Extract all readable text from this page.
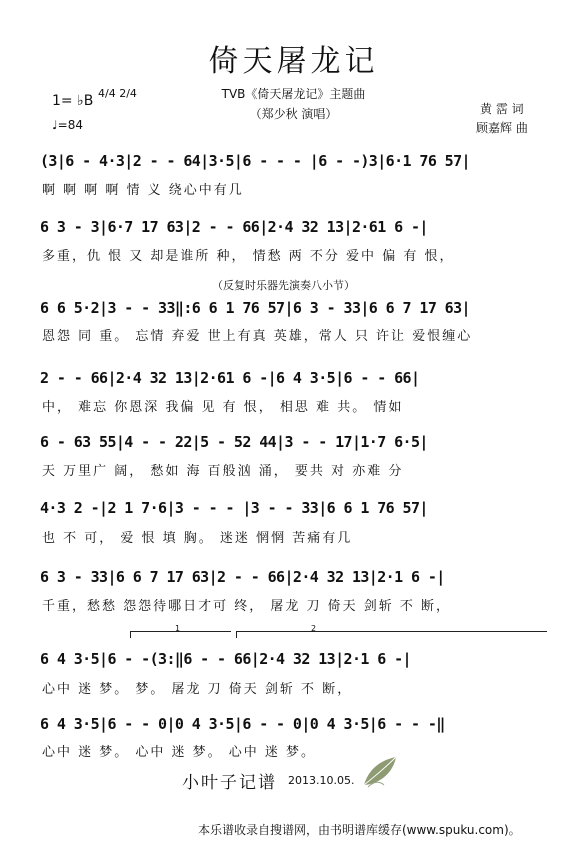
倚天屠龙记
TVB《倚天屠龙记》主题曲
（郑少秋 演唱）
1= ♭B 4/4 2/4
♩=84
黄 霑 词
顾嘉辉 曲
(3|6 - 4·3|2 - - 64|3·5|6 - - - |6 - -)3|6·1 76 57|
啊 啊 啊 啊 情 义 绕心中有几
6 3 - 3|6·7 17 63|2 - - 66|2·4 32 13|2·61 6 -|
多重，仇 恨 又 却是谁所 种， 情愁 两 不分 爱中 偏 有 恨，
（反复时乐器先演奏八小节）
6 6 5·2|3 - - 33‖:6 6 1 76 57|6 3 - 33|6 6 7 17 63|
恩怨 同 重。 忘情 弃爱 世上有真 英雄，常人 只 许让 爱恨缠心
2 - - 66|2·4 32 13|2·61 6 -|6 4 3·5|6 - - 66|
中， 难忘 你恩深 我偏 见 有 恨， 相思 难 共。 情如
6 - 63 55|4 - - 22|5 - 52 44|3 - - 17|1·7 6·5|
天 万里广 阔， 愁如 海 百般汹 涌， 要共 对 亦难 分
4·3 2 -|2 1 7·6|3 - - - |3 - - 33|6 6 1 76 57|
也 不 可， 爱 恨 填 胸。 迷迷 惘惘 苦痛有几
6 3 - 33|6 6 7 17 63|2 - - 66|2·4 32 13|2·1 6 -|
千重，愁愁 怨怨待哪日才可 终， 屠龙 刀 倚天 剑斩 不 断，
1	2
6 4 3·5|6 - -(3:‖6 - - 66|2·4 32 13|2·1 6 -|
心中 迷 梦。 梦。 屠龙 刀 倚天 剑斩 不 断，
6 4 3·5|6 - - 0|0 4 3·5|6 - - 0|0 4 3·5|6 - - -‖
心中 迷 梦。 心中 迷 梦。 心中 迷 梦。
小叶子记谱 2013.10.05.
本乐谱收录自搜谱网，由书明谱库缓存(www.spuku.com)。
